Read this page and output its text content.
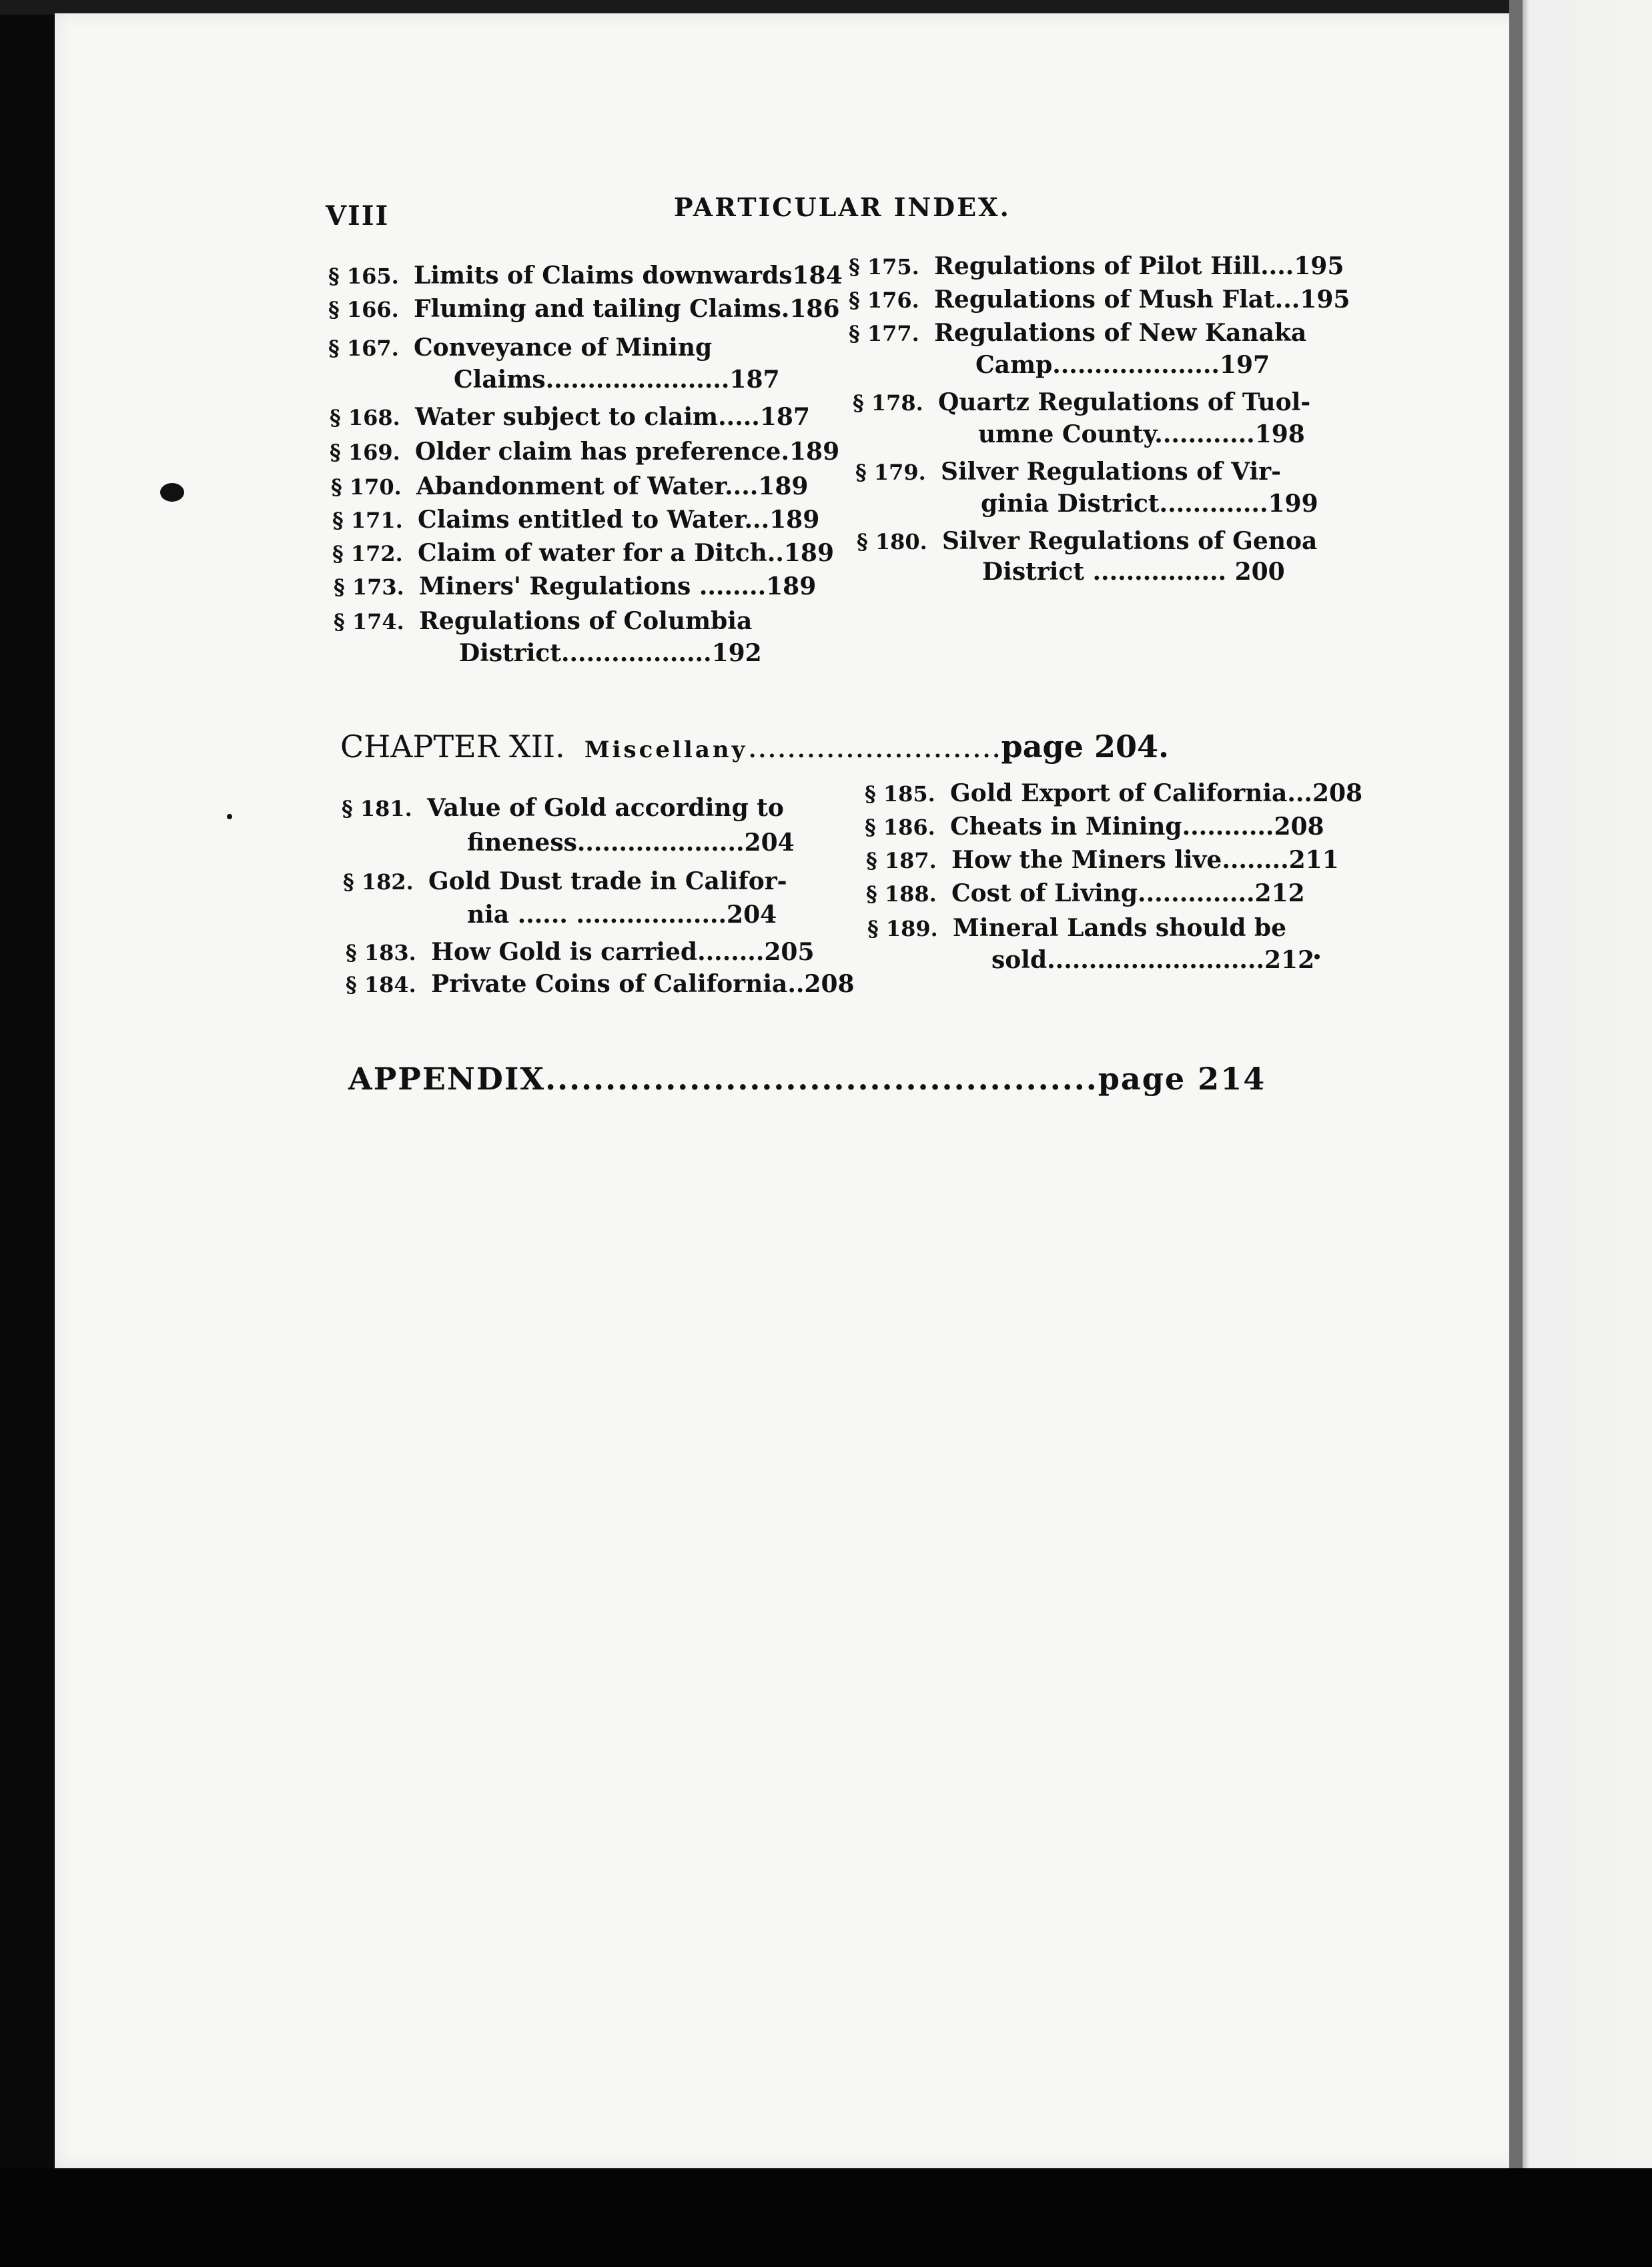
VIII	PARTICULAR INDEX.
§ 165. Limits of Claims downwards184
§ 166. Fluming and tailing Claims.186
§ 167. Conveyance of Mining
Claims......................187
§ 168. Water subject to claim.....187
§ 169. Older claim has preference.189
§ 170. Abandonment of Water....189
§ 171. Claims entitled to Water...189
§ 172. Claim of water for a Ditch..189
§ 173. Miners' Regulations ........189
§ 174. Regulations of Columbia
District..................192
§ 175. Regulations of Pilot Hill....195
§ 176. Regulations of Mush Flat...195
§ 177. Regulations of New Kanaka
Camp....................197
§ 178. Quartz Regulations of Tuol-
umne County............198
§ 179. Silver Regulations of Vir-
ginia District.............199
§ 180. Silver Regulations of Genoa
District ................ 200
CHAPTER XII. Miscellany..........................page 204.
§ 181. Value of Gold according to
fineness....................204
§ 182. Gold Dust trade in Califor-
nia ...... ..................204
§ 183. How Gold is carried........205
§ 184. Private Coins of California..208
§ 185. Gold Export of California...208
§ 186. Cheats in Mining...........208
§ 187. How the Miners live........211
§ 188. Cost of Living..............212
§ 189. Mineral Lands should be
sold..........................212
APPENDIX..............................................page 214
